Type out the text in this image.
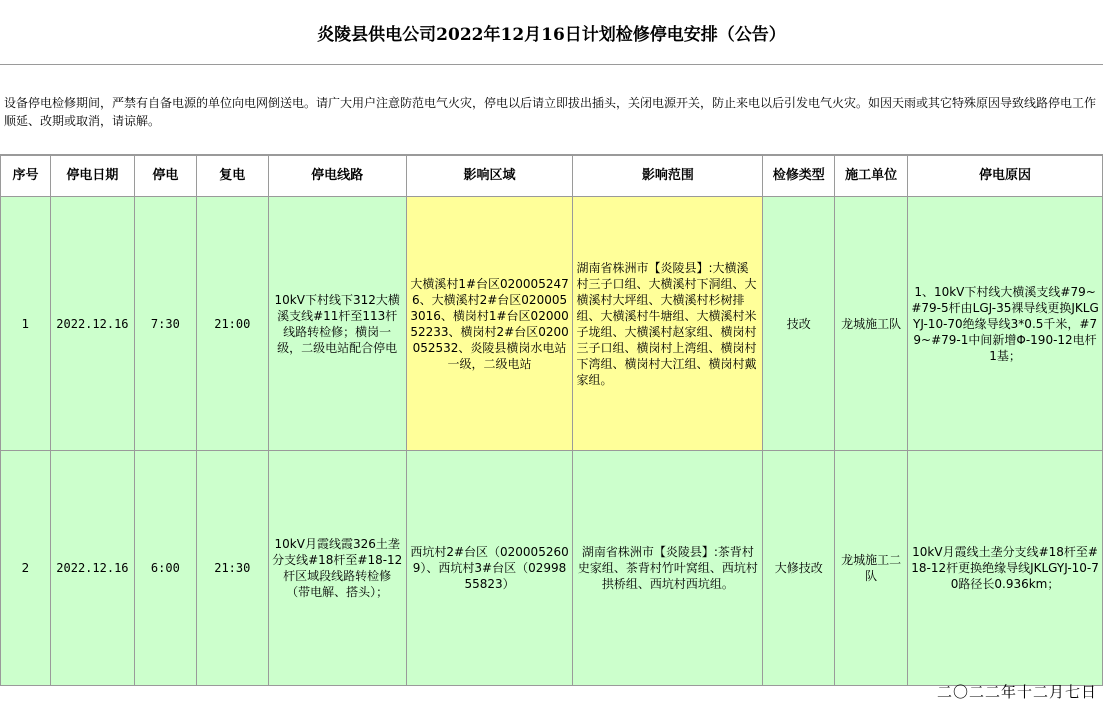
炎陵县供电公司2022年12月16日计划检修停电安排（公告）
设备停电检修期间，严禁有自备电源的单位向电网倒送电。请广大用户注意防范电气火灾，停电以后请立即拔出插头，关闭电源开关，防止来电以后引发电气火灾。如因天雨或其它特殊原因导致线路停电工作顺延、改期或取消，请谅解。
序号	停电日期	停电	复电	停电线路	影响区域	影响范围	检修类型	施工单位	停电原因
1	2022.12.16	7:30	21:00	10kV下村线下312大横溪支线#11杆至113杆线路转检修；横岗一级，二级电站配合停电	大横溪村1#台区0200052476、大横溪村2#台区0200053016、横岗村1#台区0200052233、横岗村2#台区0200052532、炎陵县横岗水电站一级，二级电站	湖南省株洲市【炎陵县】:大横溪村三子口组、大横溪村下洞组、大横溪村大坪组、大横溪村杉树排组、大横溪村牛塘组、大横溪村米子垅组、大横溪村赵家组、横岗村三子口组、横岗村上湾组、横岗村下湾组、横岗村大江组、横岗村戴家组。	技改	龙城施工队	1、10kV下村线大横溪支线#79~#79-5杆由LGJ-35裸导线更换JKLGYJ-10-70绝缘导线3*0.5千米，#79~#79-1中间新增Φ-190-12电杆1基；
2	2022.12.16	6:00	21:30	10kV月霞线霞326土垄分支线#18杆至#18-12杆区域段线路转检修（带电解、搭头）；	西坑村2#台区（0200052609）、西坑村3#台区（0299855823）	湖南省株洲市【炎陵县】:茶背村史家组、茶背村竹叶窝组、西坑村拱桥组、西坑村西坑组。	大修技改	龙城施工二队	10kV月霞线土垄分支线#18杆至#18-12杆更换绝缘导线JKLGYJ-10-70路径长0.936km；
二〇二二年十二月七日
